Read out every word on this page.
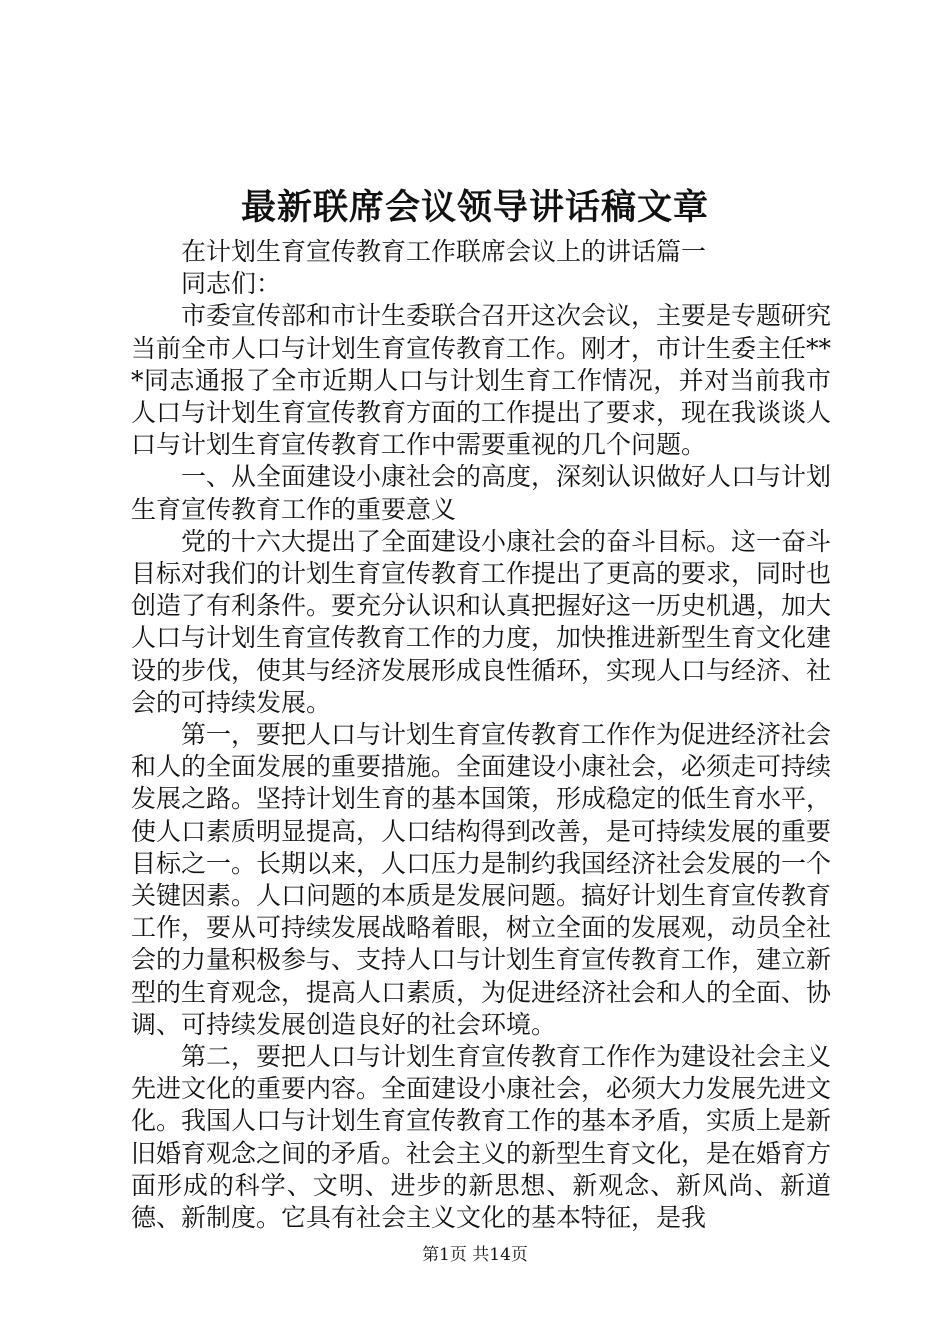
最新联席会议领导讲话稿文章

在计划生育宣传教育工作联席会议上的讲话篇一

同志们：

市委宣传部和市计生委联合召开这次会议，主要是专题研究当前全市人口与计划生育宣传教育工作。刚才，市计生委主任***同志通报了全市近期人口与计划生育工作情况，并对当前我市人口与计划生育宣传教育方面的工作提出了要求，现在我谈谈人口与计划生育宣传教育工作中需要重视的几个问题。

一、从全面建设小康社会的高度，深刻认识做好人口与计划生育宣传教育工作的重要意义

党的十六大提出了全面建设小康社会的奋斗目标。这一奋斗目标对我们的计划生育宣传教育工作提出了更高的要求，同时也创造了有利条件。要充分认识和认真把握好这一历史机遇，加大人口与计划生育宣传教育工作的力度，加快推进新型生育文化建设的步伐，使其与经济发展形成良性循环，实现人口与经济、社会的可持续发展。

第一，要把人口与计划生育宣传教育工作作为促进经济社会和人的全面发展的重要措施。全面建设小康社会，必须走可持续发展之路。坚持计划生育的基本国策，形成稳定的低生育水平，使人口素质明显提高，人口结构得到改善，是可持续发展的重要目标之一。长期以来，人口压力是制约我国经济社会发展的一个关键因素。人口问题的本质是发展问题。搞好计划生育宣传教育工作，要从可持续发展战略着眼，树立全面的发展观，动员全社会的力量积极参与、支持人口与计划生育宣传教育工作，建立新型的生育观念，提高人口素质，为促进经济社会和人的全面、协调、可持续发展创造良好的社会环境。

第二，要把人口与计划生育宣传教育工作作为建设社会主义先进文化的重要内容。全面建设小康社会，必须大力发展先进文化。我国人口与计划生育宣传教育工作的基本矛盾，实质上是新旧婚育观念之间的矛盾。社会主义的新型生育文化，是在婚育方面形成的科学、文明、进步的新思想、新观念、新风尚、新道德、新制度。它具有社会主义文化的基本特征，是我

第1页 共14页
